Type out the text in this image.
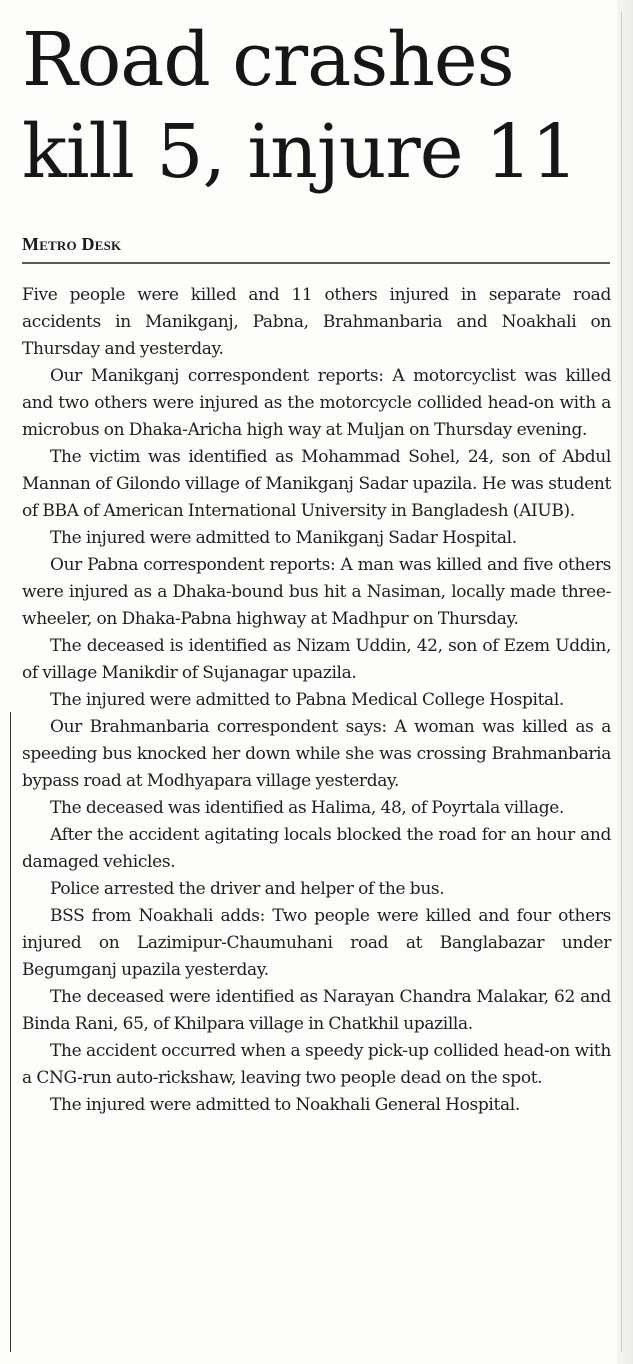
Road crashes
kill 5, injure 11
Metro Desk

Five people were killed and 11 others injured in separate road accidents in Manikganj, Pabna, Brahmanbaria and Noakhali on Thursday and yesterday.

Our Manikganj correspondent reports: A motorcyclist was killed and two others were injured as the motorcycle collided head-on with a microbus on Dhaka-Aricha high way at Muljan on Thursday evening.

The victim was identified as Mohammad Sohel, 24, son of Abdul Mannan of Gilondo village of Manikganj Sadar upazila. He was student of BBA of American International University in Bangladesh (AIUB).

The injured were admitted to Manikganj Sadar Hospital.

Our Pabna correspondent reports: A man was killed and five others were injured as a Dhaka-bound bus hit a Nasiman, locally made three-wheeler, on Dhaka-Pabna highway at Madhpur on Thursday.

The deceased is identified as Nizam Uddin, 42, son of Ezem Uddin, of village Manikdir of Sujanagar upazila.

The injured were admitted to Pabna Medical College Hospital.

Our Brahmanbaria correspondent says: A woman was killed as a speeding bus knocked her down while she was crossing Brahmanbaria bypass road at Modhyapara village yesterday.

The deceased was identified as Halima, 48, of Poyrtala village.

After the accident agitating locals blocked the road for an hour and damaged vehicles.

Police arrested the driver and helper of the bus.

BSS from Noakhali adds: Two people were killed and four others injured on Lazimipur-Chaumuhani road at Banglabazar under Begumganj upazila yesterday.

The deceased were identified as Narayan Chandra Malakar, 62 and Binda Rani, 65, of Khilpara village in Chatkhil upazilla.

The accident occurred when a speedy pick-up collided head-on with a CNG-run auto-rickshaw, leaving two people dead on the spot.

The injured were admitted to Noakhali General Hospital.
